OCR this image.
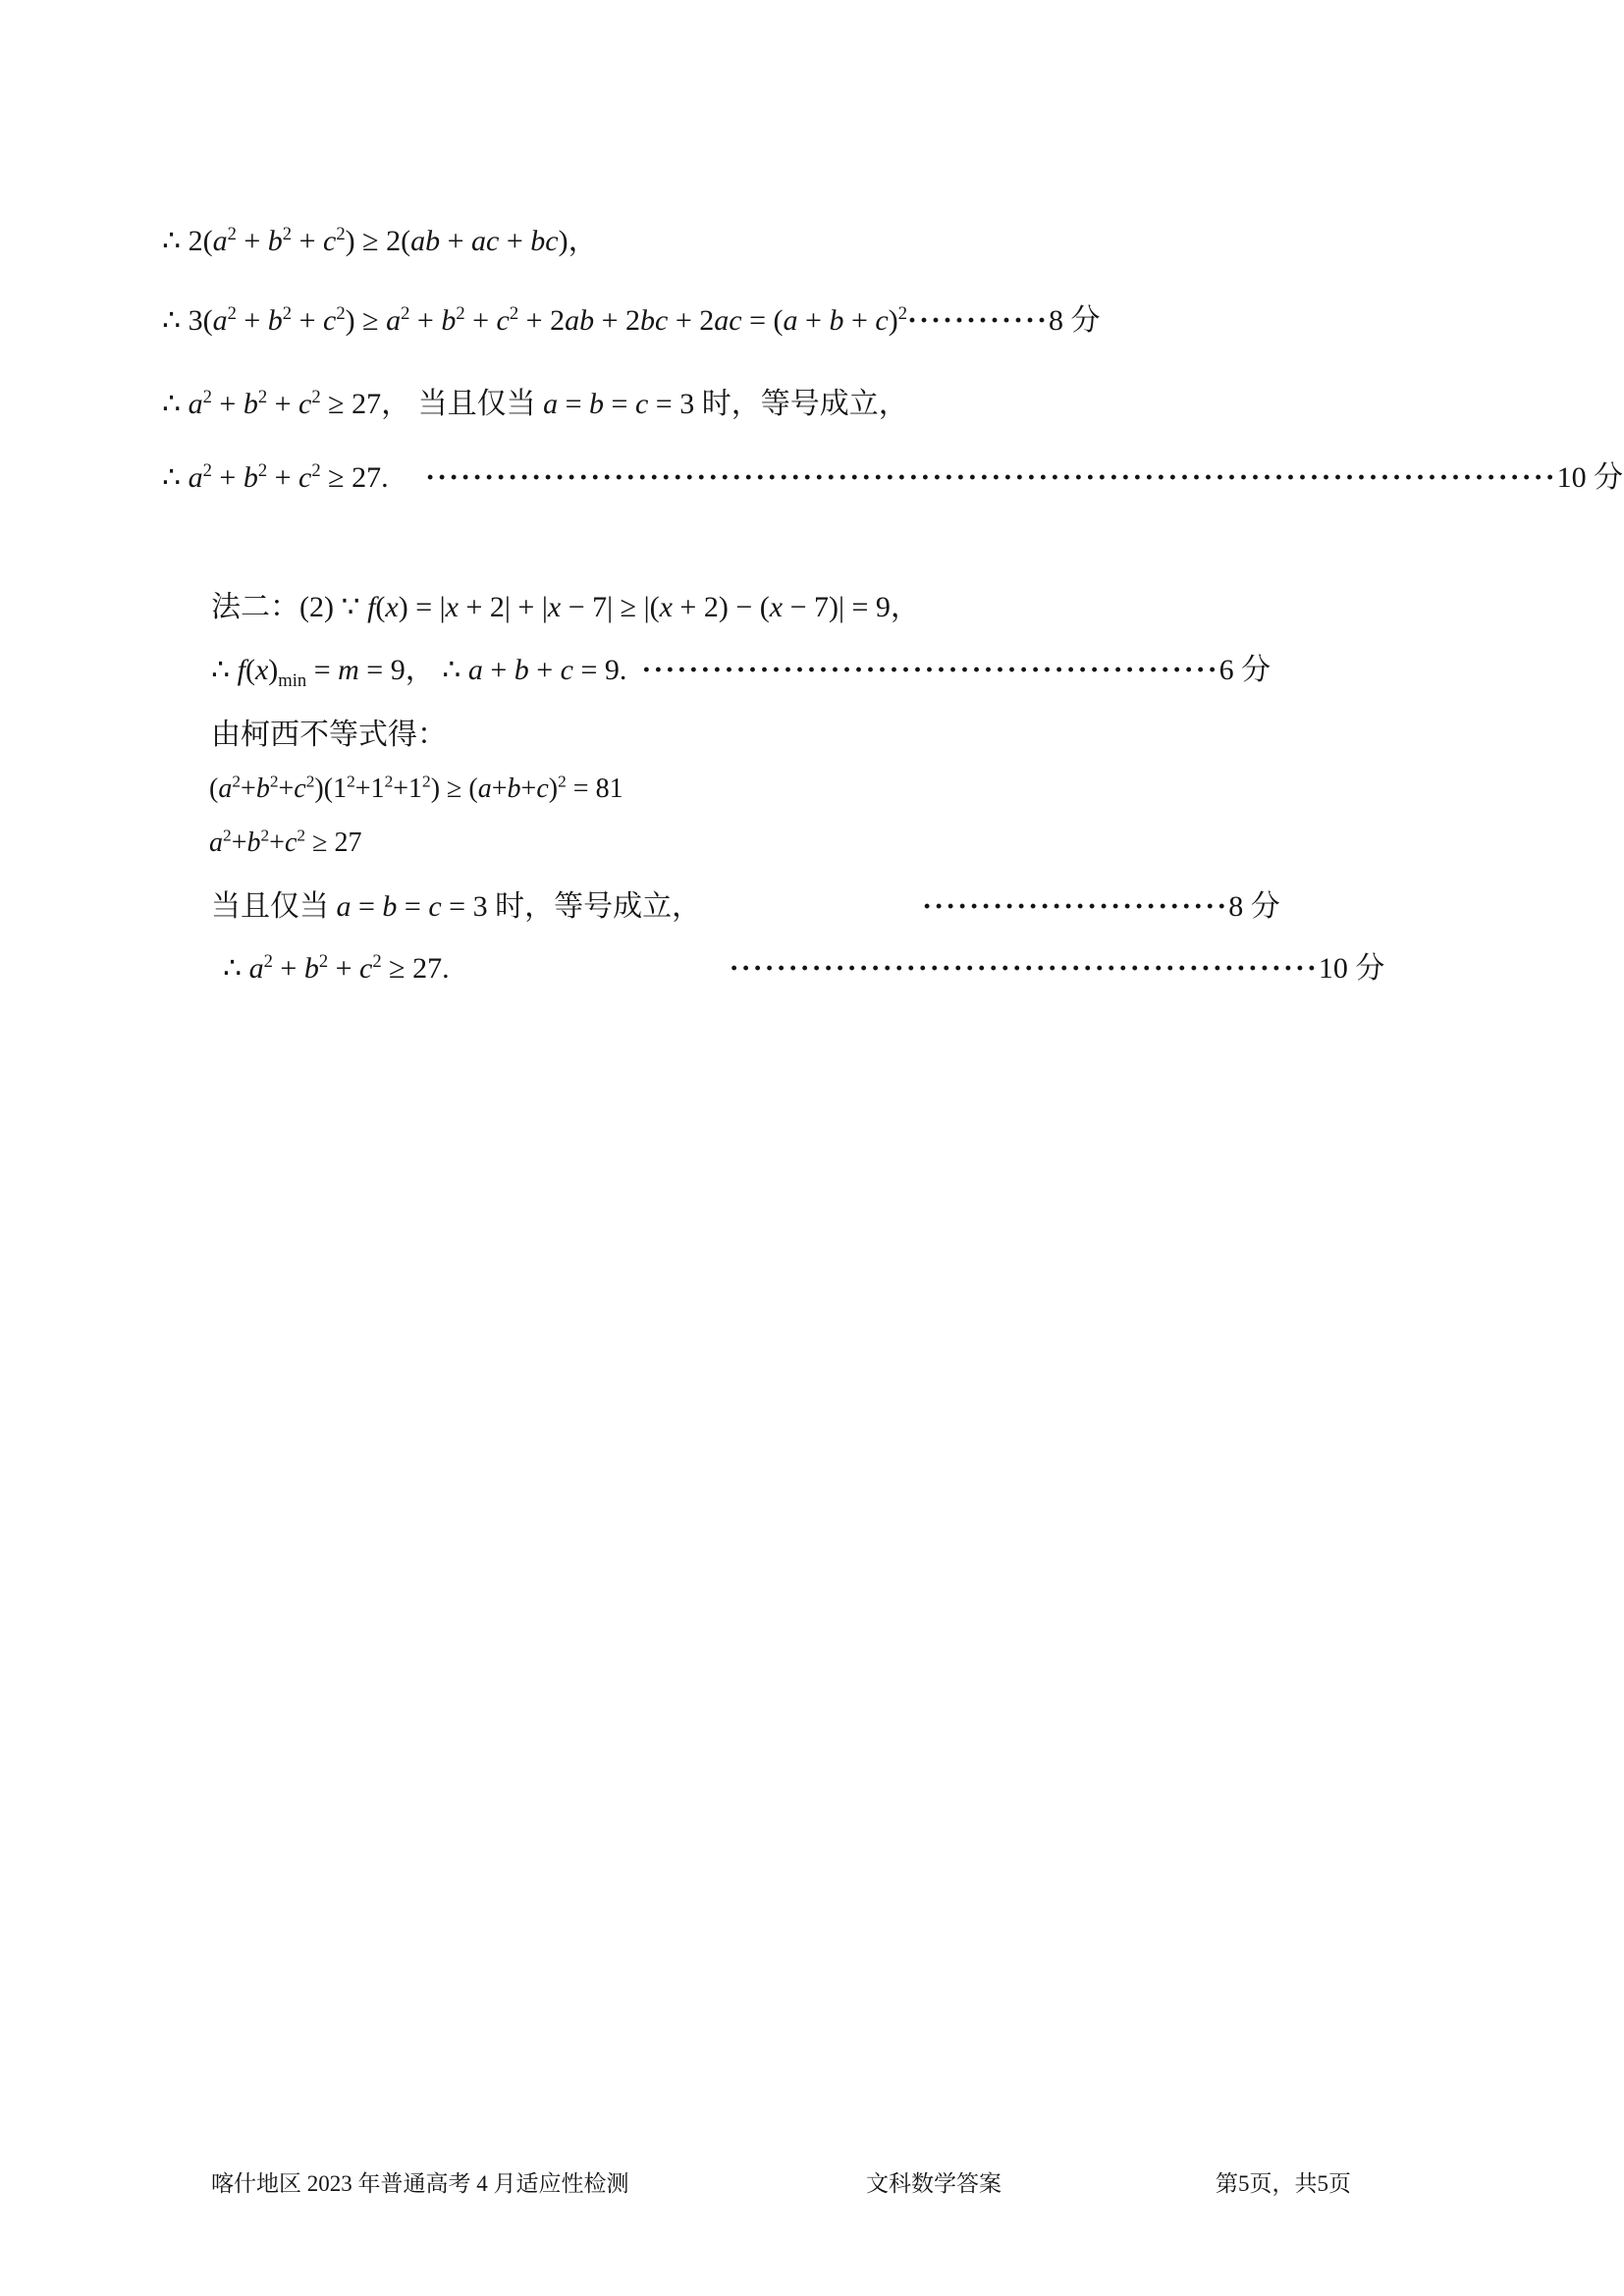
∴ $2(a^2 + b^2 + c^2) \ge 2(ab$ + ac + bc)，
∴ $3(a^2 + b^2 + c^2) \ge a^2 + b^2 + c^2 + 2ab + 2bc + 2ac = (a + b + c)^2\cdot\cdot\cdot\cdot\cdot\cdot\cdot\cdot\cdot\cdot\cdot\cdot 8$ 分
∴ $a^2 + b^2 + c^2 \ge 27$， 当且仅当 a = b = c = 3 时，等号成立，
∴ $a^2 + b^2 + c^2 \ge 27$.     ································································································10 分
法二：(2) ∵ f(x) = |x + 2| + |x − 7| ≥ |(x + 2) − (x − 7)| = 9，
∴ $f(x)_{min} = m = 9$， ∴ a + b + c = 9.  ·················································6 分
由柯西不等式得：
$(a^2+b^2+c^2)(1^2+1^2+1^2) \ge (a+b+c)^2 = 81$
$a^2+b^2+c^2 \ge 27$
当且仅当 a = b = c = 3 时，等号成立，                              ··························8 分
∴ $a^2 + b^2 + c^2 \ge 27$.                                      ··················································10 分
喀什地区 2023 年普通高考 4 月适应性检测	文科数学答案	第5页，共5页
